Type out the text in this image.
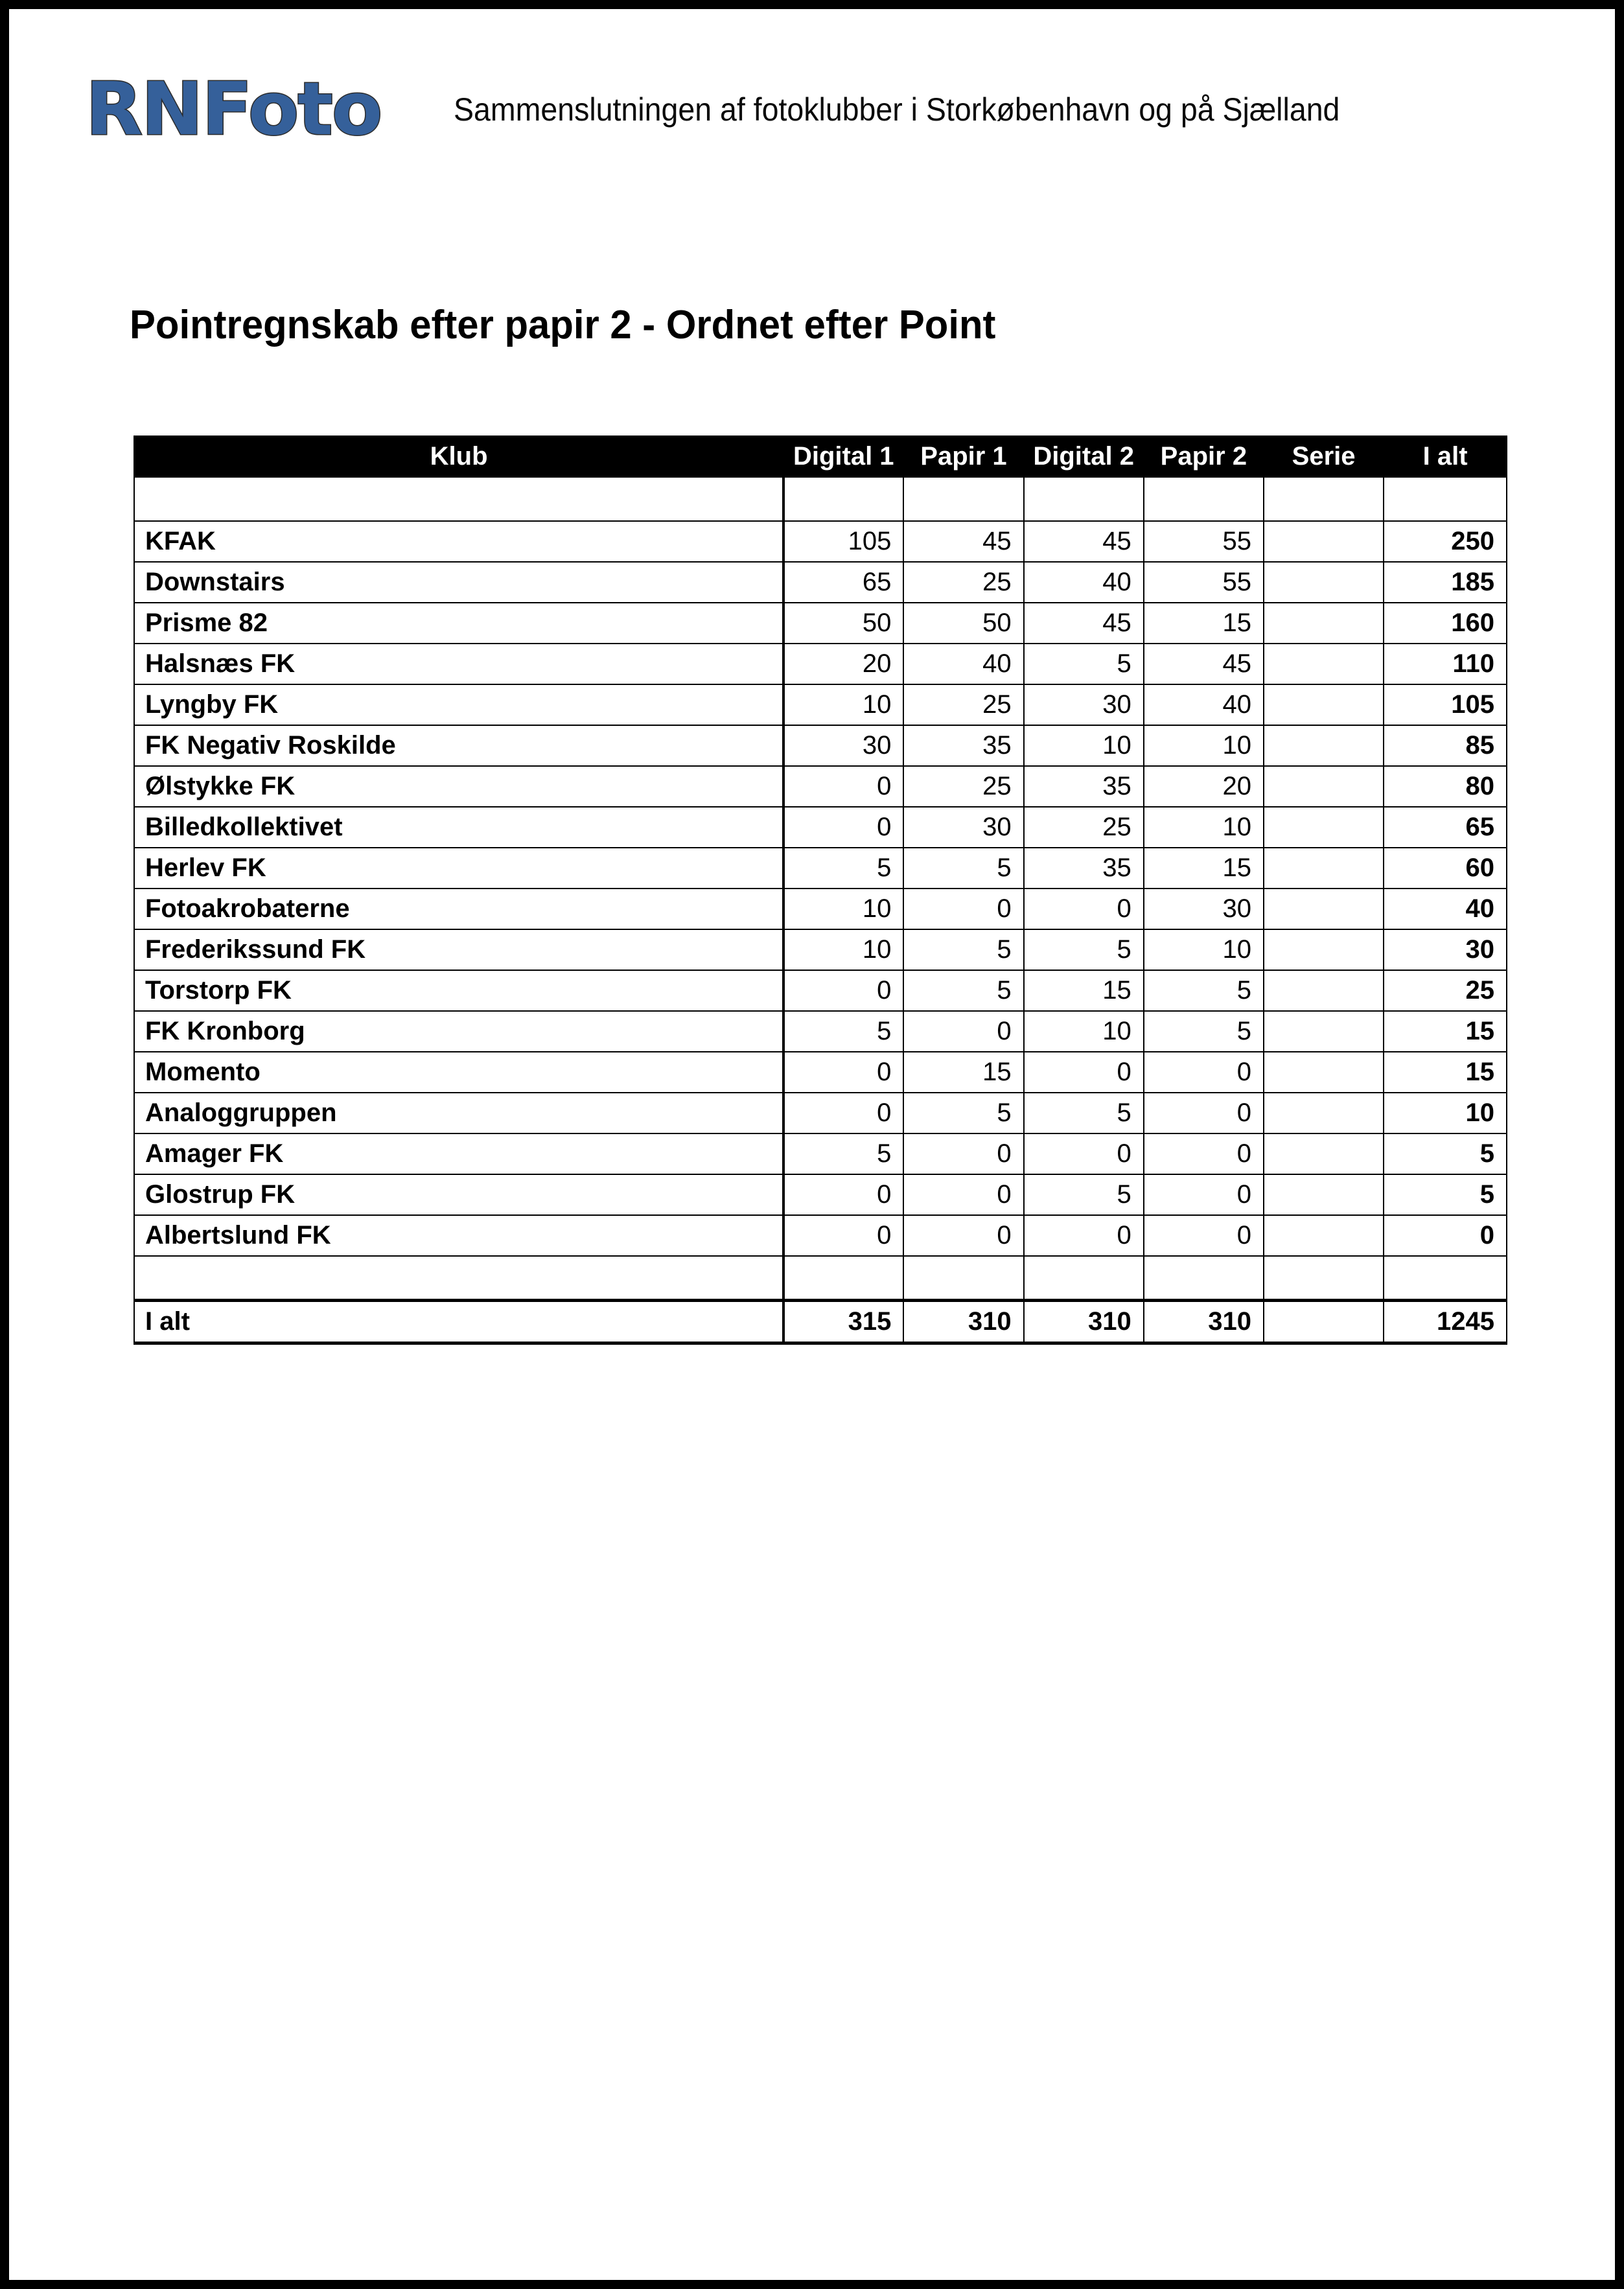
RNFoto Sammenslutningen af fotoklubber i Storkøbenhavn og på Sjælland
Pointregnskab efter papir 2 - Ordnet efter Point
Klub	Digital 1	Papir 1	Digital 2	Papir 2	Serie	I alt

KFAK	105	45	45	55		250
Downstairs	65	25	40	55		185
Prisme 82	50	50	45	15		160
Halsnæs FK	20	40	5	45		110
Lyngby FK	10	25	30	40		105
FK Negativ Roskilde	30	35	10	10		85
Ølstykke FK	0	25	35	20		80
Billedkollektivet	0	30	25	10		65
Herlev FK	5	5	35	15		60
Fotoakrobaterne	10	0	0	30		40
Frederikssund FK	10	5	5	10		30
Torstorp FK	0	5	15	5		25
FK Kronborg	5	0	10	5		15
Momento	0	15	0	0		15
Analoggruppen	0	5	5	0		10
Amager FK	5	0	0	0		5
Glostrup FK	0	0	5	0		5
Albertslund FK	0	0	0	0		0

I alt	315	310	310	310		1245
